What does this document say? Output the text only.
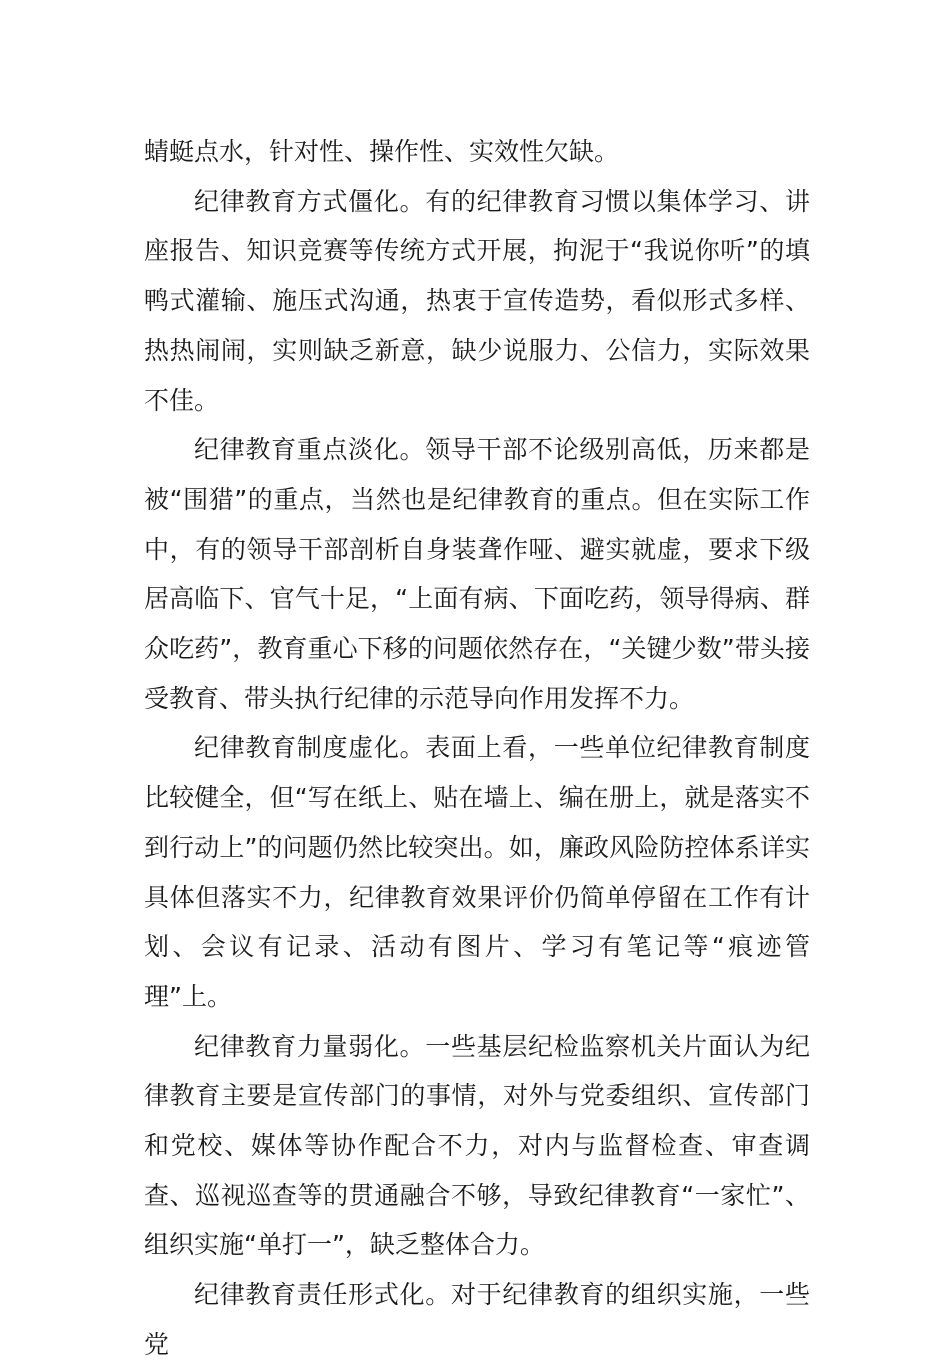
蜻蜓点水，针对性、操作性、实效性欠缺。

纪律教育方式僵化。有的纪律教育习惯以集体学习、讲座报告、知识竞赛等传统方式开展，拘泥于“我说你听”的填鸭式灌输、施压式沟通，热衷于宣传造势，看似形式多样、热热闹闹，实则缺乏新意，缺少说服力、公信力，实际效果不佳。

纪律教育重点淡化。领导干部不论级别高低，历来都是被“围猎”的重点，当然也是纪律教育的重点。但在实际工作中，有的领导干部剖析自身装聋作哑、避实就虚，要求下级居高临下、官气十足，“上面有病、下面吃药，领导得病、群众吃药”，教育重心下移的问题依然存在，“关键少数”带头接受教育、带头执行纪律的示范导向作用发挥不力。

纪律教育制度虚化。表面上看，一些单位纪律教育制度比较健全，但“写在纸上、贴在墙上、编在册上，就是落实不到行动上”的问题仍然比较突出。如，廉政风险防控体系详实具体但落实不力，纪律教育效果评价仍简单停留在工作有计划、会议有记录、活动有图片、学习有笔记等“痕迹管理”上。

纪律教育力量弱化。一些基层纪检监察机关片面认为纪律教育主要是宣传部门的事情，对外与党委组织、宣传部门和党校、媒体等协作配合不力，对内与监督检查、审查调查、巡视巡查等的贯通融合不够，导致纪律教育“一家忙”、组织实施“单打一”，缺乏整体合力。

纪律教育责任形式化。对于纪律教育的组织实施，一些党
